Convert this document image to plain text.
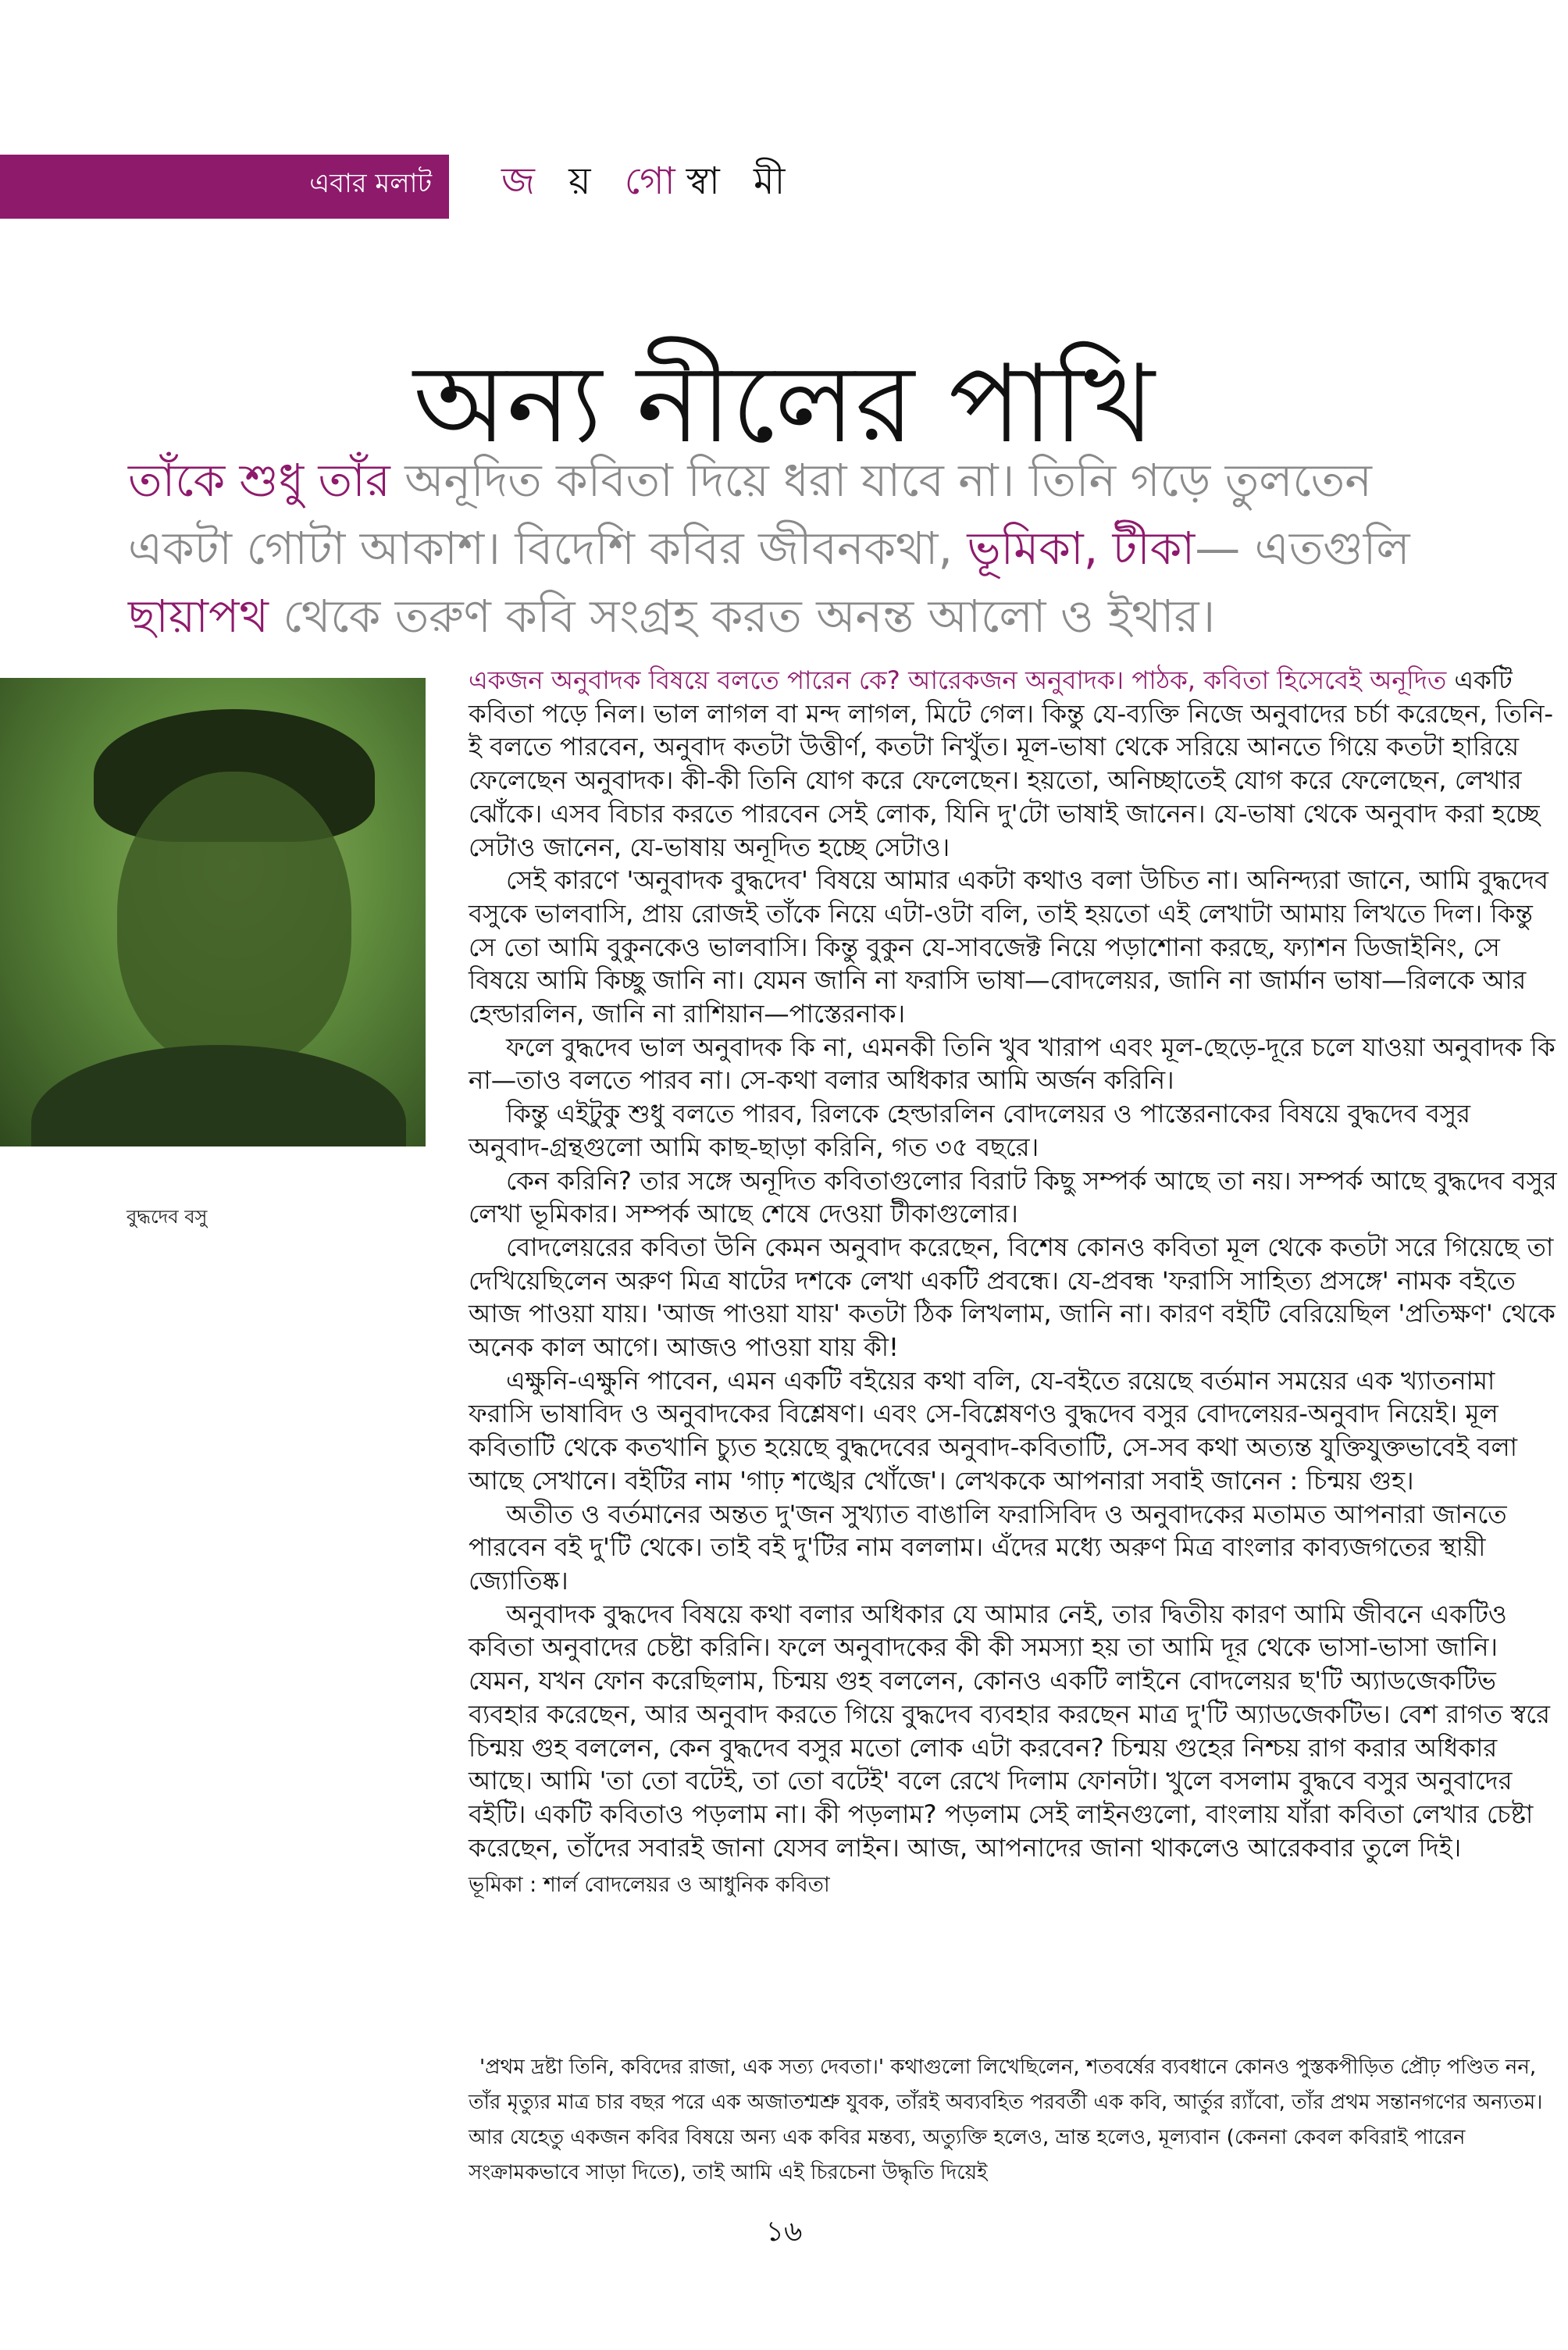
এবার মলাট জ য় গোস্বা মী
অন্য নীলের পাখি
তাঁকে শুধু তাঁর অনূদিত কবিতা দিয়ে ধরা যাবে না। তিনি গড়ে তুলতেন একটা গোটা আকাশ। বিদেশি কবির জীবনকথা, ভূমিকা, টীকা— এতগুলি ছায়াপথ থেকে তরুণ কবি সংগ্রহ করত অনন্ত আলো ও ইথার।
বুদ্ধদেব বসু

একজন অনুবাদক বিষয়ে বলতে পারেন কে? আরেকজন অনুবাদক। পাঠক, কবিতা হিসেবেই অনূদিত একটি কবিতা পড়ে নিল। ভাল লাগল বা মন্দ লাগল, মিটে গেল। কিন্তু যে-ব্যক্তি নিজে অনুবাদের চর্চা করেছেন, তিনি-ই বলতে পারবেন, অনুবাদ কতটা উত্তীর্ণ, কতটা নিখুঁত। মূল-ভাষা থেকে সরিয়ে আনতে গিয়ে কতটা হারিয়ে ফেলেছেন অনুবাদক। কী-কী তিনি যোগ করে ফেলেছেন। হয়তো, অনিচ্ছাতেই যোগ করে ফেলেছেন, লেখার ঝোঁকে। এসব বিচার করতে পারবেন সেই লোক, যিনি দু'টো ভাষাই জানেন। যে-ভাষা থেকে অনুবাদ করা হচ্ছে সেটাও জানেন, যে-ভাষায় অনূদিত হচ্ছে সেটাও।

সেই কারণে 'অনুবাদক বুদ্ধদেব' বিষয়ে আমার একটা কথাও বলা উচিত না। অনিন্দ্যরা জানে, আমি বুদ্ধদেব বসুকে ভালবাসি, প্রায় রোজই তাঁকে নিয়ে এটা-ওটা বলি, তাই হয়তো এই লেখাটা আমায় লিখতে দিল। কিন্তু সে তো আমি বুকুনকেও ভালবাসি। কিন্তু বুকুন যে-সাবজেক্ট নিয়ে পড়াশোনা করছে, ফ্যাশন ডিজাইনিং, সে বিষয়ে আমি কিচ্ছু জানি না। যেমন জানি না ফরাসি ভাষা—বোদলেয়র, জানি না জার্মান ভাষা—রিলকে আর হেল্ডারলিন, জানি না রাশিয়ান—পাস্তেরনাক।

ফলে বুদ্ধদেব ভাল অনুবাদক কি না, এমনকী তিনি খুব খারাপ এবং মূল-ছেড়ে-দূরে চলে যাওয়া অনুবাদক কি না—তাও বলতে পারব না। সে-কথা বলার অধিকার আমি অর্জন করিনি।

কিন্তু এইটুকু শুধু বলতে পারব, রিলকে হেল্ডারলিন বোদলেয়র ও পাস্তেরনাকের বিষয়ে বুদ্ধদেব বসুর অনুবাদ-গ্রন্থগুলো আমি কাছ-ছাড়া করিনি, গত ৩৫ বছরে।

কেন করিনি? তার সঙ্গে অনূদিত কবিতাগুলোর বিরাট কিছু সম্পর্ক আছে তা নয়। সম্পর্ক আছে বুদ্ধদেব বসুর লেখা ভূমিকার। সম্পর্ক আছে শেষে দেওয়া টীকাগুলোর।

বোদলেয়রের কবিতা উনি কেমন অনুবাদ করেছেন, বিশেষ কোনও কবিতা মূল থেকে কতটা সরে গিয়েছে তা দেখিয়েছিলেন অরুণ মিত্র ষাটের দশকে লেখা একটি প্রবন্ধে। যে-প্রবন্ধ 'ফরাসি সাহিত্য প্রসঙ্গে' নামক বইতে আজ পাওয়া যায়। 'আজ পাওয়া যায়' কতটা ঠিক লিখলাম, জানি না। কারণ বইটি বেরিয়েছিল 'প্রতিক্ষণ' থেকে অনেক কাল আগে। আজও পাওয়া যায় কী!

এক্ষুনি-এক্ষুনি পাবেন, এমন একটি বইয়ের কথা বলি, যে-বইতে রয়েছে বর্তমান সময়ের এক খ্যাতনামা ফরাসি ভাষাবিদ ও অনুবাদকের বিশ্লেষণ। এবং সে-বিশ্লেষণও বুদ্ধদেব বসুর বোদলেয়র-অনুবাদ নিয়েই। মূল কবিতাটি থেকে কতখানি চ্যুত হয়েছে বুদ্ধদেবের অনুবাদ-কবিতাটি, সে-সব কথা অত্যন্ত যুক্তিযুক্তভাবেই বলা আছে সেখানে। বইটির নাম 'গাঢ় শঙ্খের খোঁজে'। লেখককে আপনারা সবাই জানেন : চিন্ময় গুহ।

অতীত ও বর্তমানের অন্তত দু'জন সুখ্যাত বাঙালি ফরাসিবিদ ও অনুবাদকের মতামত আপনারা জানতে পারবেন বই দু'টি থেকে। তাই বই দু'টির নাম বললাম। এঁদের মধ্যে অরুণ মিত্র বাংলার কাব্যজগতের স্থায়ী জ্যোতিষ্ক।

অনুবাদক বুদ্ধদেব বিষয়ে কথা বলার অধিকার যে আমার নেই, তার দ্বিতীয় কারণ আমি জীবনে একটিও কবিতা অনুবাদের চেষ্টা করিনি। ফলে অনুবাদকের কী কী সমস্যা হয় তা আমি দূর থেকে ভাসা-ভাসা জানি। যেমন, যখন ফোন করেছিলাম, চিন্ময় গুহ বললেন, কোনও একটি লাইনে বোদলেয়র ছ'টি অ্যাডজেকটিভ ব্যবহার করেছেন, আর অনুবাদ করতে গিয়ে বুদ্ধদেব ব্যবহার করছেন মাত্র দু'টি অ্যাডজেকটিভ। বেশ রাগত স্বরে চিন্ময় গুহ বললেন, কেন বুদ্ধদেব বসুর মতো লোক এটা করবেন? চিন্ময় গুহের নিশ্চয় রাগ করার অধিকার আছে। আমি 'তা তো বটেই, তা তো বটেই' বলে রেখে দিলাম ফোনটা। খুলে বসলাম বুদ্ধবে বসুর অনুবাদের বইটি। একটি কবিতাও পড়লাম না। কী পড়লাম? পড়লাম সেই লাইনগুলো, বাংলায় যাঁরা কবিতা লেখার চেষ্টা করেছেন, তাঁদের সবারই জানা যেসব লাইন। আজ, আপনাদের জানা থাকলেও আরেকবার তুলে দিই।

ভূমিকা : শার্ল বোদলেয়র ও আধুনিক কবিতা

'প্রথম দ্রষ্টা তিনি, কবিদের রাজা, এক সত্য দেবতা।' কথাগুলো লিখেছিলেন, শতবর্ষের ব্যবধানে কোনও পুস্তকপীড়িত প্রৌঢ় পণ্ডিত নন, তাঁর মৃত্যুর মাত্র চার বছর পরে এক অজাতশ্মশ্রু যুবক, তাঁরই অব্যবহিত পরবর্তী এক কবি, আর্তুর র‍্যাঁবো, তাঁর প্রথম সন্তানগণের অন্যতম। আর যেহেতু একজন কবির বিষয়ে অন্য এক কবির মন্তব্য, অত্যুক্তি হলেও, ভ্রান্ত হলেও, মূল্যবান (কেননা কেবল কবিরাই পারেন সংক্রামকভাবে সাড়া দিতে), তাই আমি এই চিরচেনা উদ্ধৃতি দিয়েই

১৬
